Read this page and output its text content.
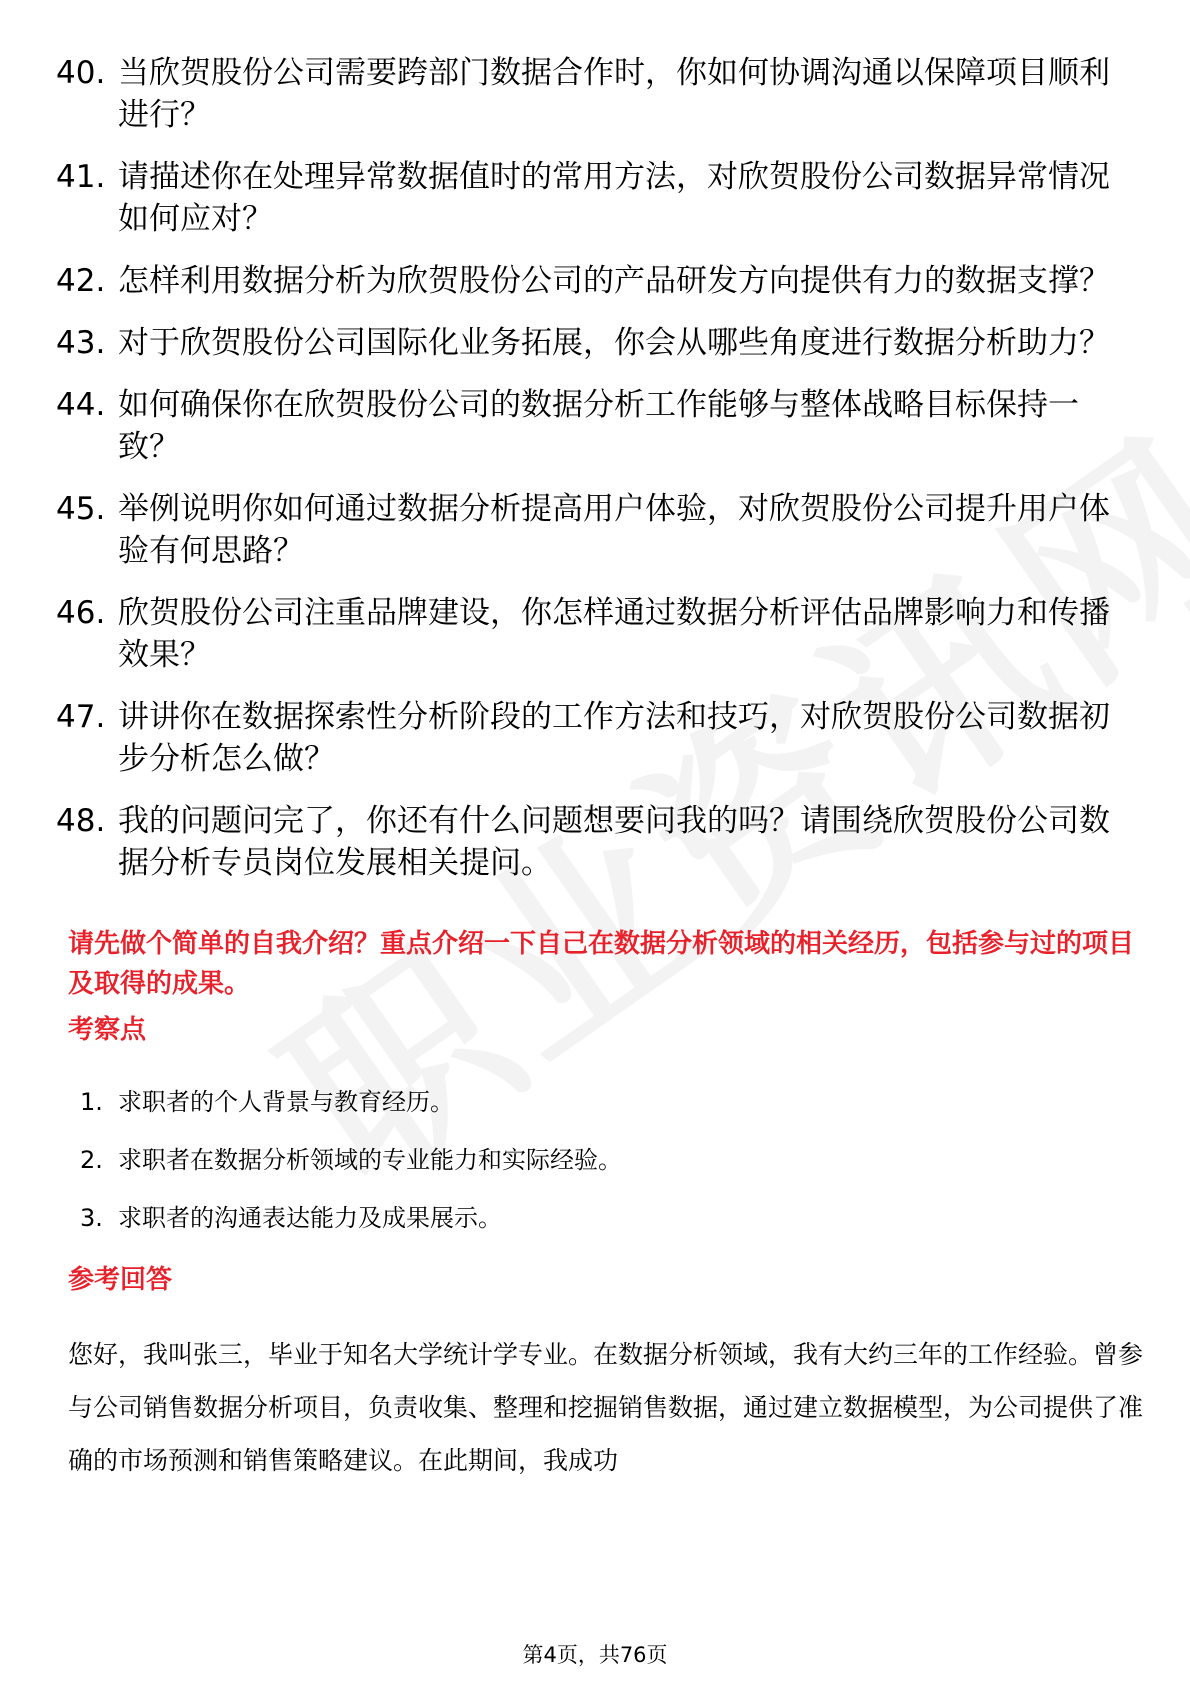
40. 当欣贺股份公司需要跨部门数据合作时，你如何协调沟通以保障项目顺利进行？
41. 请描述你在处理异常数据值时的常用方法，对欣贺股份公司数据异常情况如何应对？
42. 怎样利用数据分析为欣贺股份公司的产品研发方向提供有力的数据支撑？
43. 对于欣贺股份公司国际化业务拓展，你会从哪些角度进行数据分析助力？
44. 如何确保你在欣贺股份公司的数据分析工作能够与整体战略目标保持一致？
45. 举例说明你如何通过数据分析提高用户体验，对欣贺股份公司提升用户体验有何思路？
46. 欣贺股份公司注重品牌建设，你怎样通过数据分析评估品牌影响力和传播效果？
47. 讲讲你在数据探索性分析阶段的工作方法和技巧，对欣贺股份公司数据初步分析怎么做？
48. 我的问题问完了，你还有什么问题想要问我的吗？请围绕欣贺股份公司数据分析专员岗位发展相关提问。
请先做个简单的自我介绍？重点介绍一下自己在数据分析领域的相关经历，包括参与过的项目及取得的成果。
考察点
1. 求职者的个人背景与教育经历。
2. 求职者在数据分析领域的专业能力和实际经验。
3. 求职者的沟通表达能力及成果展示。
参考回答
您好，我叫张三，毕业于知名大学统计学专业。在数据分析领域，我有大约三年的工作经验。曾参与公司销售数据分析项目，负责收集、整理和挖掘销售数据，通过建立数据模型，为公司提供了准确的市场预测和销售策略建议。在此期间，我成功
第4页，共76页
